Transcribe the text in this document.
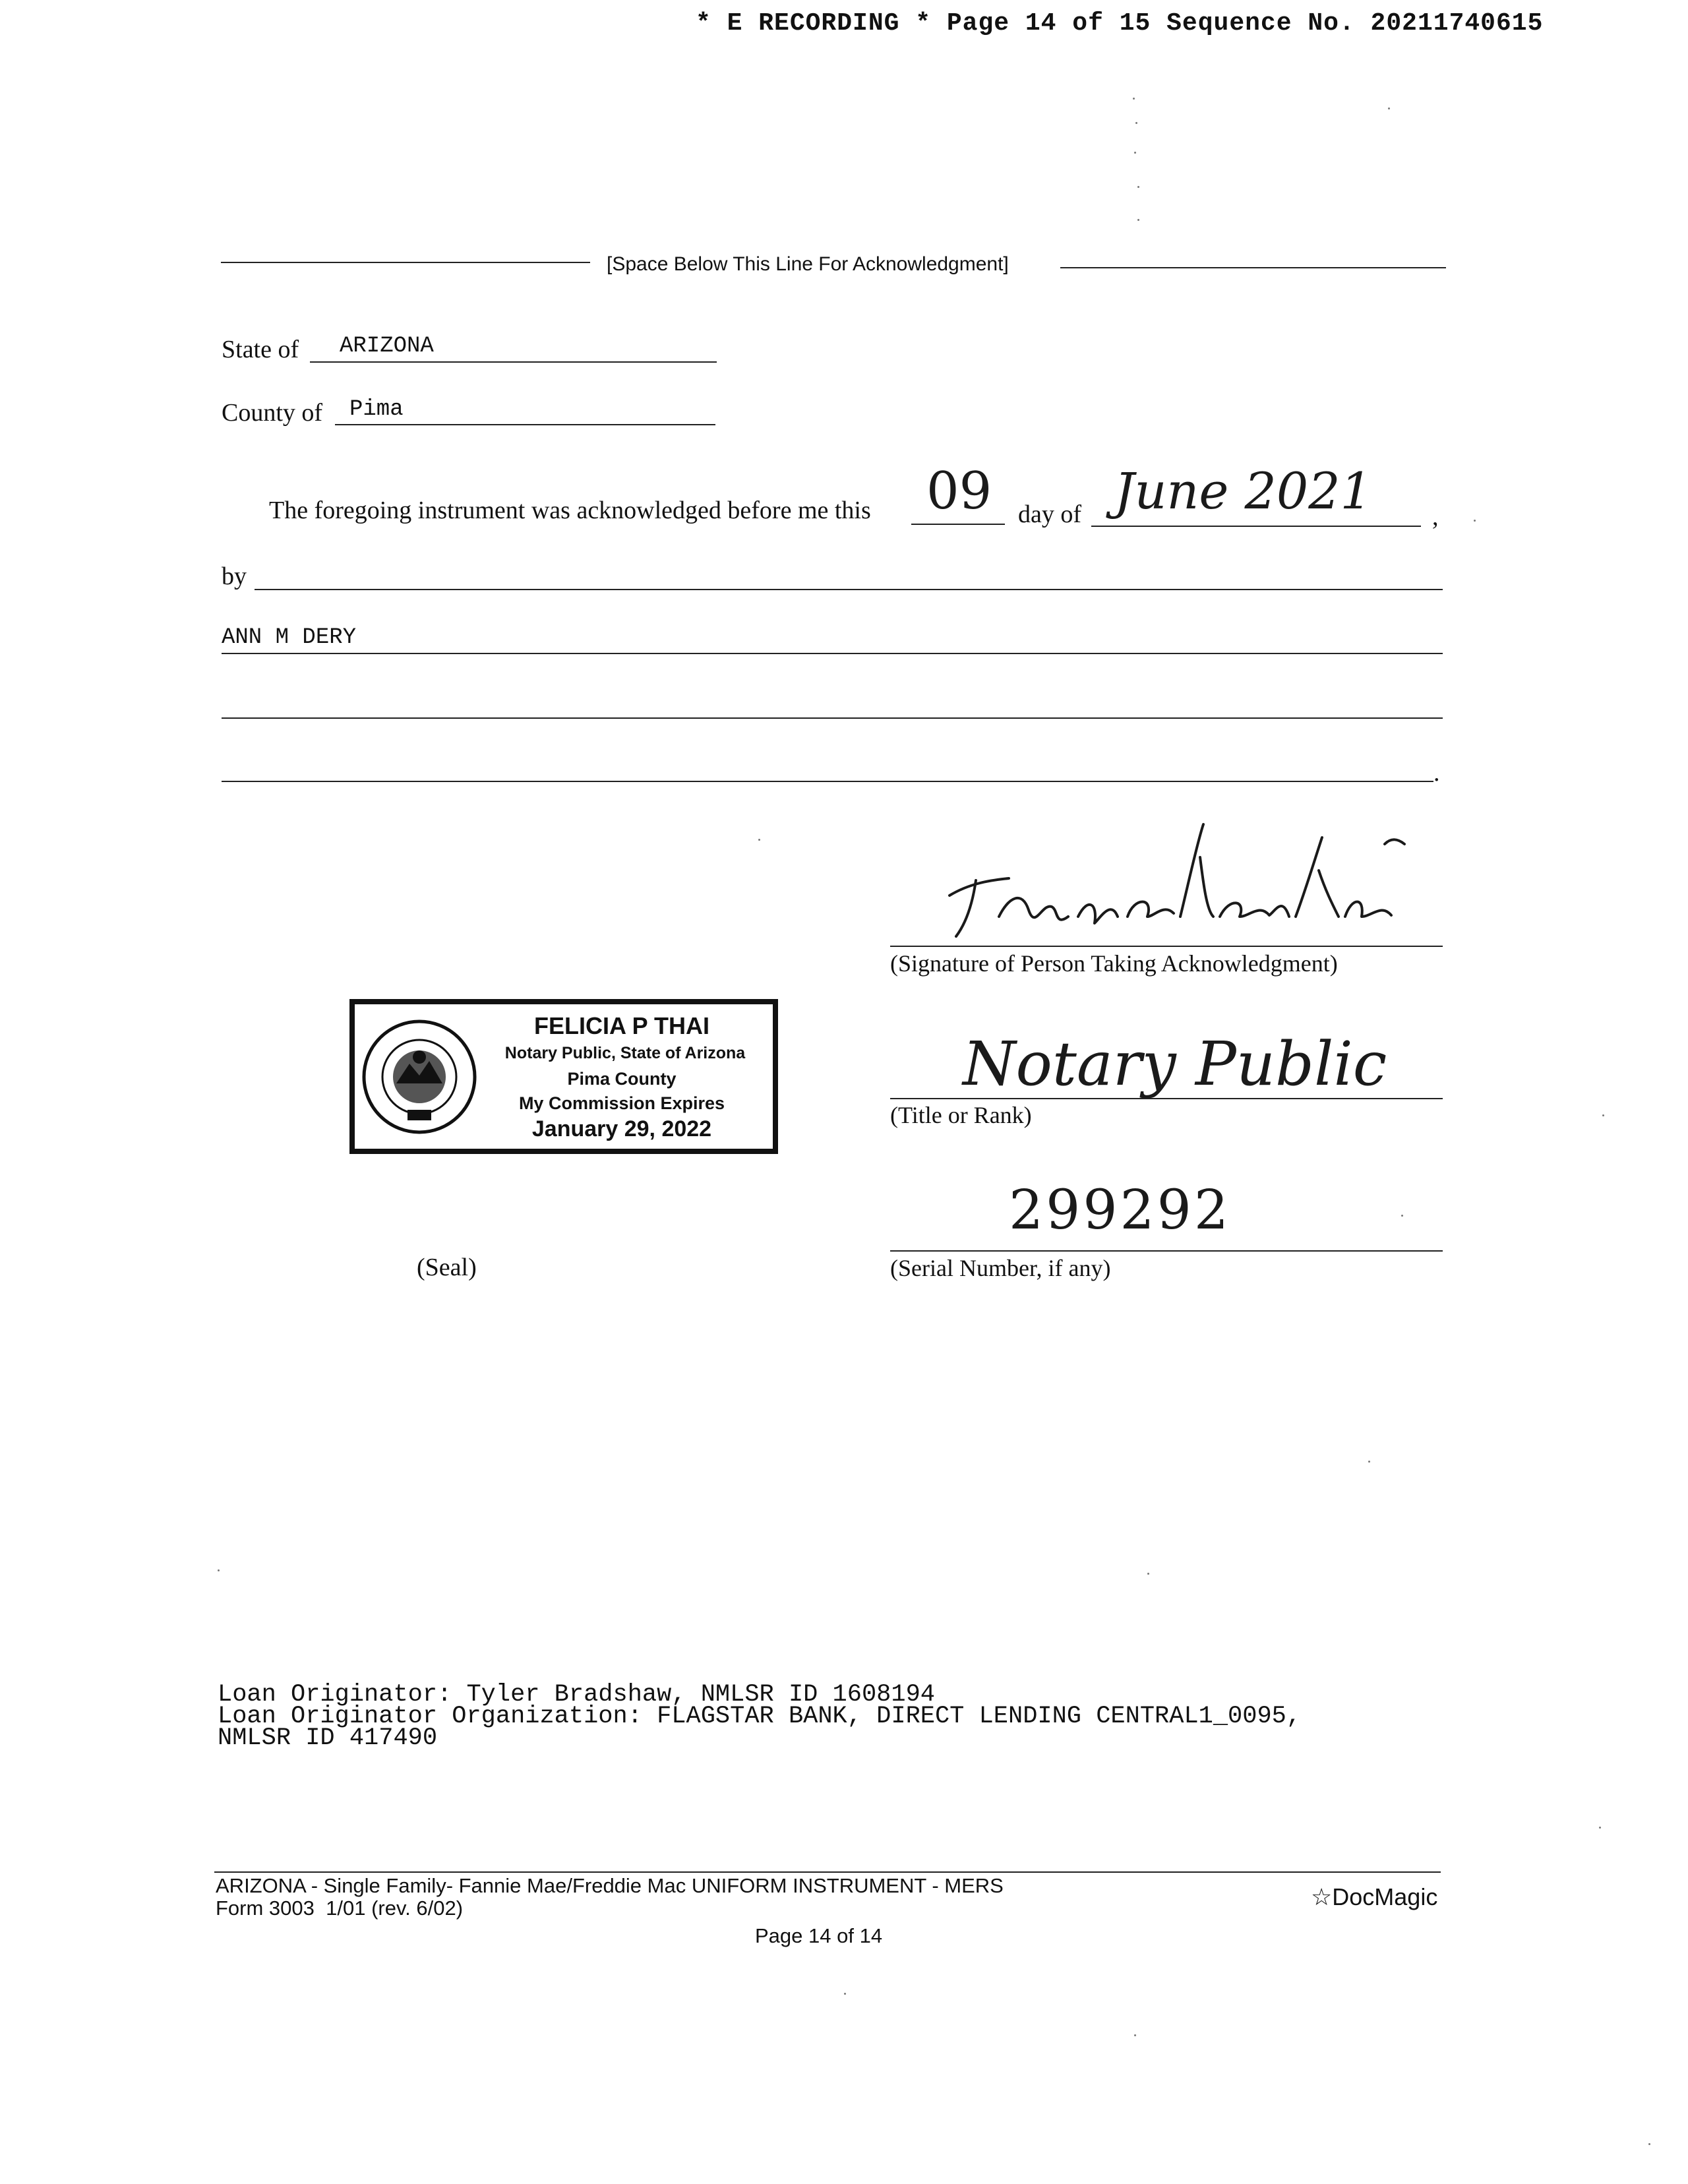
* E RECORDING * Page 14 of 15 Sequence No. 20211740615
[Space Below This Line For Acknowledgment]
State of ARIZONA
County of Pima
The foregoing instrument was acknowledged before me this 09 day of June 2021 ,
by
ANN M DERY
.
(Signature of Person Taking Acknowledgment)
Notary Public
(Title or Rank)
299292
(Serial Number, if any)
FELICIA P THAI
Notary Public, State of Arizona
Pima County
My Commission Expires
January 29, 2022
(Seal)
Loan Originator: Tyler Bradshaw, NMLSR ID 1608194
Loan Originator Organization: FLAGSTAR BANK, DIRECT LENDING CENTRAL1_0095,
NMLSR ID 417490
ARIZONA - Single Family- Fannie Mae/Freddie Mac UNIFORM INSTRUMENT - MERS
Form 3003  1/01 (rev. 6/02)	☆DocMagic
Page 14 of 14
